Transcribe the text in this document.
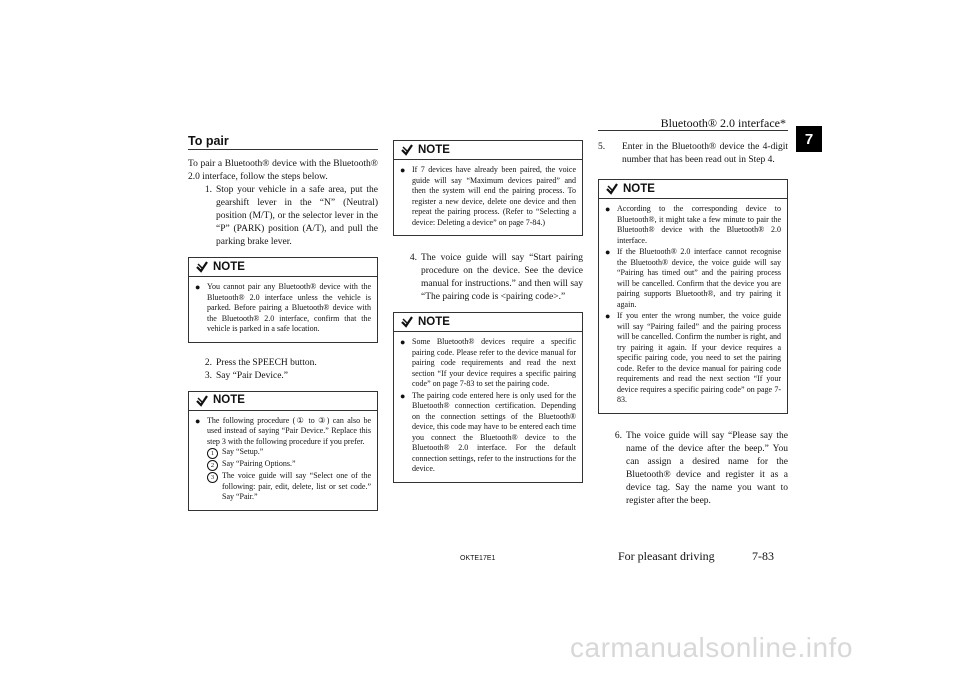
Bluetooth® 2.0 interface*
7
To pair

To pair a Bluetooth® device with the Bluetooth® 2.0 interface, follow the steps below.

1. Stop your vehicle in a safe area, put the gearshift lever in the “N” (Neutral) position (M/T), or the selector lever in the “P” (PARK) position (A/T), and pull the parking brake lever.
NOTE
● You cannot pair any Bluetooth® device with the Bluetooth® 2.0 interface unless the vehicle is parked. Before pairing a Bluetooth® device with the Bluetooth® 2.0 interface, confirm that the vehicle is parked in a safe location.
2. Press the SPEECH button.
3. Say “Pair Device.”
NOTE
● The following procedure (① to ③) can also be used instead of saying “Pair Device.” Replace this step 3 with the following procedure if you prefer.
1 Say “Setup.”
2 Say “Pairing Options.”
3 The voice guide will say “Select one of the following: pair, edit, delete, list or set code.” Say “Pair.”
NOTE
● If 7 devices have already been paired, the voice guide will say “Maximum devices paired” and then the system will end the pairing process. To register a new device, delete one device and then repeat the pairing process. (Refer to “Selecting a device: Deleting a device” on page 7-84.)
4. The voice guide will say “Start pairing procedure on the device. See the device manual for instructions.” and then will say “The pairing code is <pairing code>.”
NOTE
● Some Bluetooth® devices require a specific pairing code. Please refer to the device manual for pairing code requirements and read the next section “If your device requires a specific pairing code” on page 7-83 to set the pairing code.
● The pairing code entered here is only used for the Bluetooth® connection certification. Depending on the connection settings of the Bluetooth® device, this code may have to be entered each time you connect the Bluetooth® device to the Bluetooth® 2.0 interface. For the default connection settings, refer to the instructions for the device.
5.	Enter in the Bluetooth® device the 4-digit number that has been read out in Step 4.
NOTE
● According to the corresponding device to Bluetooth®, it might take a few minute to pair the Bluetooth® device with the Bluetooth® 2.0 interface.
● If the Bluetooth® 2.0 interface cannot recognise the Bluetooth® device, the voice guide will say “Pairing has timed out” and the pairing process will be cancelled. Confirm that the device you are pairing supports Bluetooth®, and try pairing it again.
● If you enter the wrong number, the voice guide will say “Pairing failed” and the pairing process will be cancelled. Confirm the number is right, and try pairing it again. If your device requires a specific pairing code, you need to set the pairing code. Refer to the device manual for pairing code requirements and read the next section “If your device requires a specific pairing code” on page 7-83.
6. The voice guide will say “Please say the name of the device after the beep.” You can assign a desired name for the Bluetooth® device and register it as a device tag. Say the name you want to register after the beep.
OKTE17E1	For pleasant driving	7-83
carmanualsonline.info
